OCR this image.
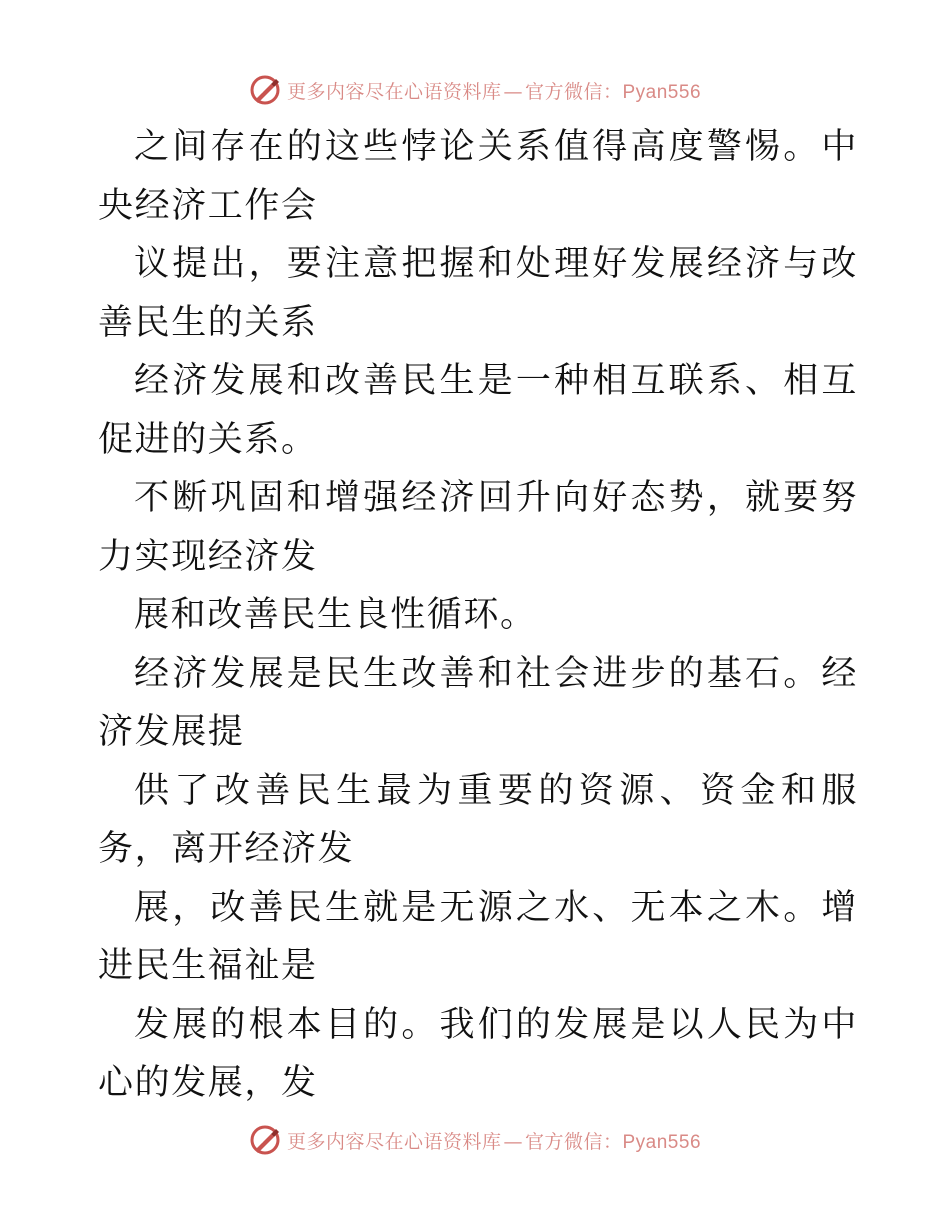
更多内容尽在心语资料库 — 官方微信：Pyan556

之间存在的这些悖论关系值得高度警惕。中央经济工作会

议提出，要注意把握和处理好发展经济与改善民生的关系

经济发展和改善民生是一种相互联系、相互促进的关系。

不断巩固和增强经济回升向好态势，就要努力实现经济发

展和改善民生良性循环。

经济发展是民生改善和社会进步的基石。经济发展提

供了改善民生最为重要的资源、资金和服务，离开经济发

展，改善民生就是无源之水、无本之木。增进民生福祉是

发展的根本目的。我们的发展是以人民为中心的发展，发

更多内容尽在心语资料库 — 官方微信：Pyan556
